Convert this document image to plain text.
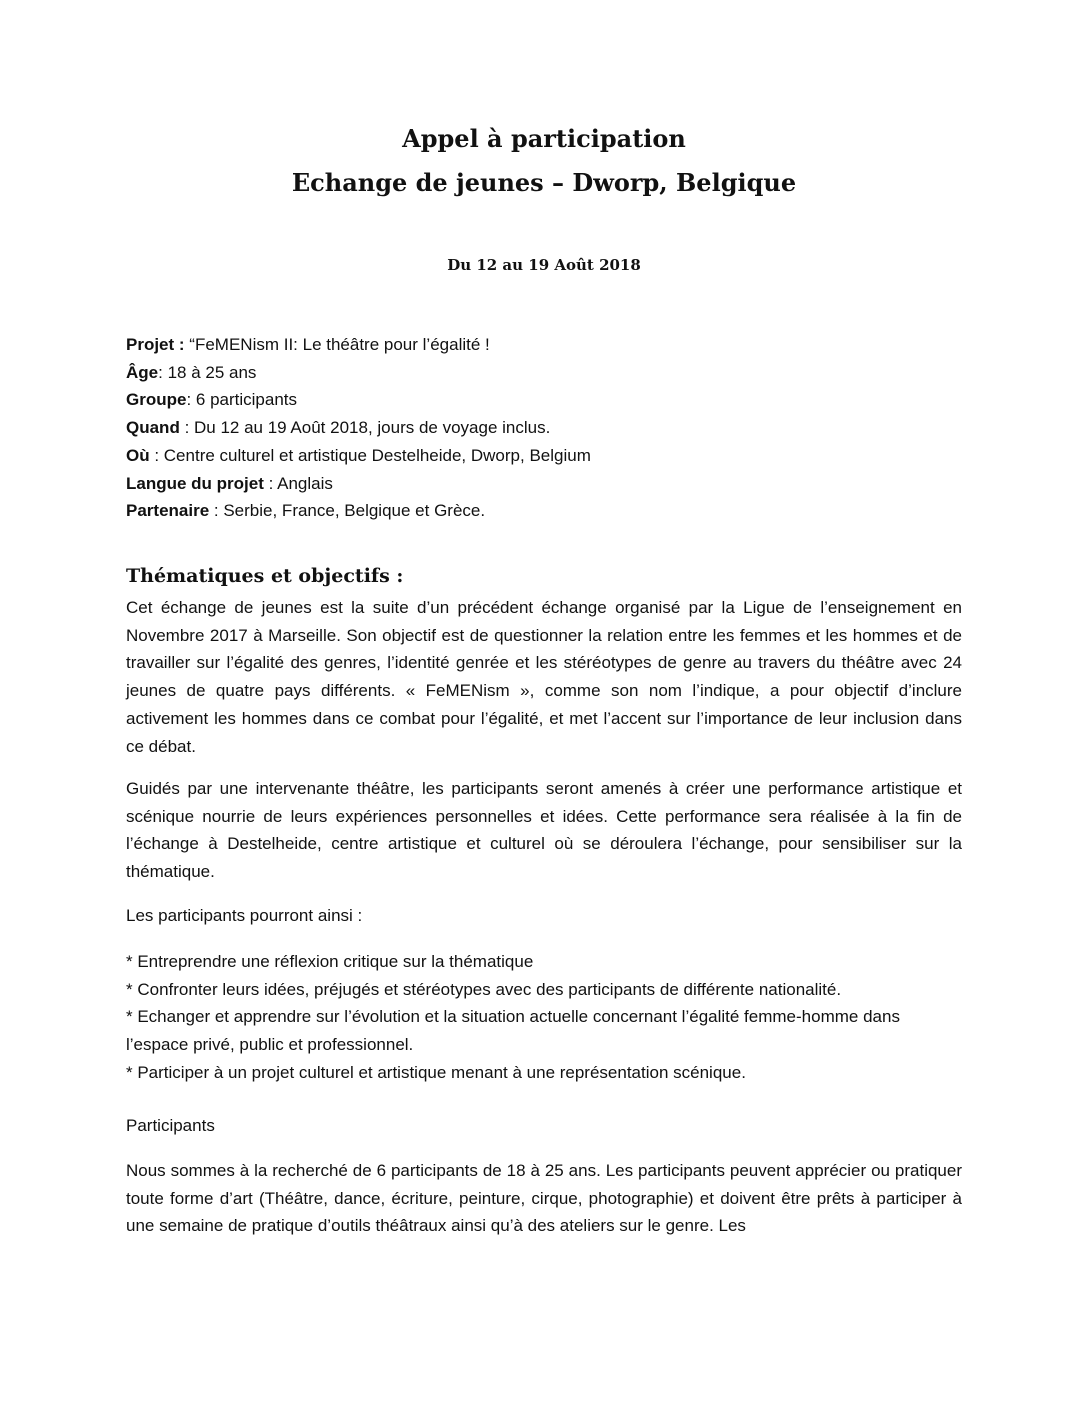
Appel à participation
Echange de jeunes – Dworp, Belgique
Du 12 au 19 Août 2018
Projet : “FeMENism II: Le théâtre pour l’égalité !
Âge: 18 à 25 ans
Groupe: 6 participants
Quand : Du 12 au 19 Août 2018, jours de voyage inclus.
Où : Centre culturel et artistique Destelheide, Dworp, Belgium
Langue du projet : Anglais
Partenaire : Serbie, France, Belgique et Grèce.
Thématiques et objectifs :

Cet échange de jeunes est la suite d’un précédent échange organisé par la Ligue de l’enseignement en Novembre 2017 à Marseille. Son objectif est de questionner la relation entre les femmes et les hommes et de travailler sur l’égalité des genres, l’identité genrée et les stéréotypes de genre au travers du théâtre avec 24 jeunes de quatre pays différents. « FeMENism », comme son nom l’indique, a pour objectif d’inclure activement les hommes dans ce combat pour l’égalité, et met l’accent sur l’importance de leur inclusion dans ce débat.

Guidés par une intervenante théâtre, les participants seront amenés à créer une performance artistique et scénique nourrie de leurs expériences personnelles et idées. Cette performance sera réalisée à la fin de l’échange à Destelheide, centre artistique et culturel où se déroulera l’échange, pour sensibiliser sur la thématique.

Les participants pourront ainsi :

* Entreprendre une réflexion critique sur la thématique
* Confronter leurs idées, préjugés et stéréotypes avec des participants de différente nationalité.
* Echanger et apprendre sur l’évolution et la situation actuelle concernant l’égalité femme-homme dans
l’espace privé, public et professionnel.
* Participer à un projet culturel et artistique menant à une représentation scénique.

Participants

Nous sommes à la recherché de 6 participants de 18 à 25 ans. Les participants peuvent apprécier ou pratiquer toute forme d’art (Théâtre, dance, écriture, peinture, cirque, photographie) et doivent être prêts à participer à une semaine de pratique d’outils théâtraux ainsi qu’à des ateliers sur le genre. Les
